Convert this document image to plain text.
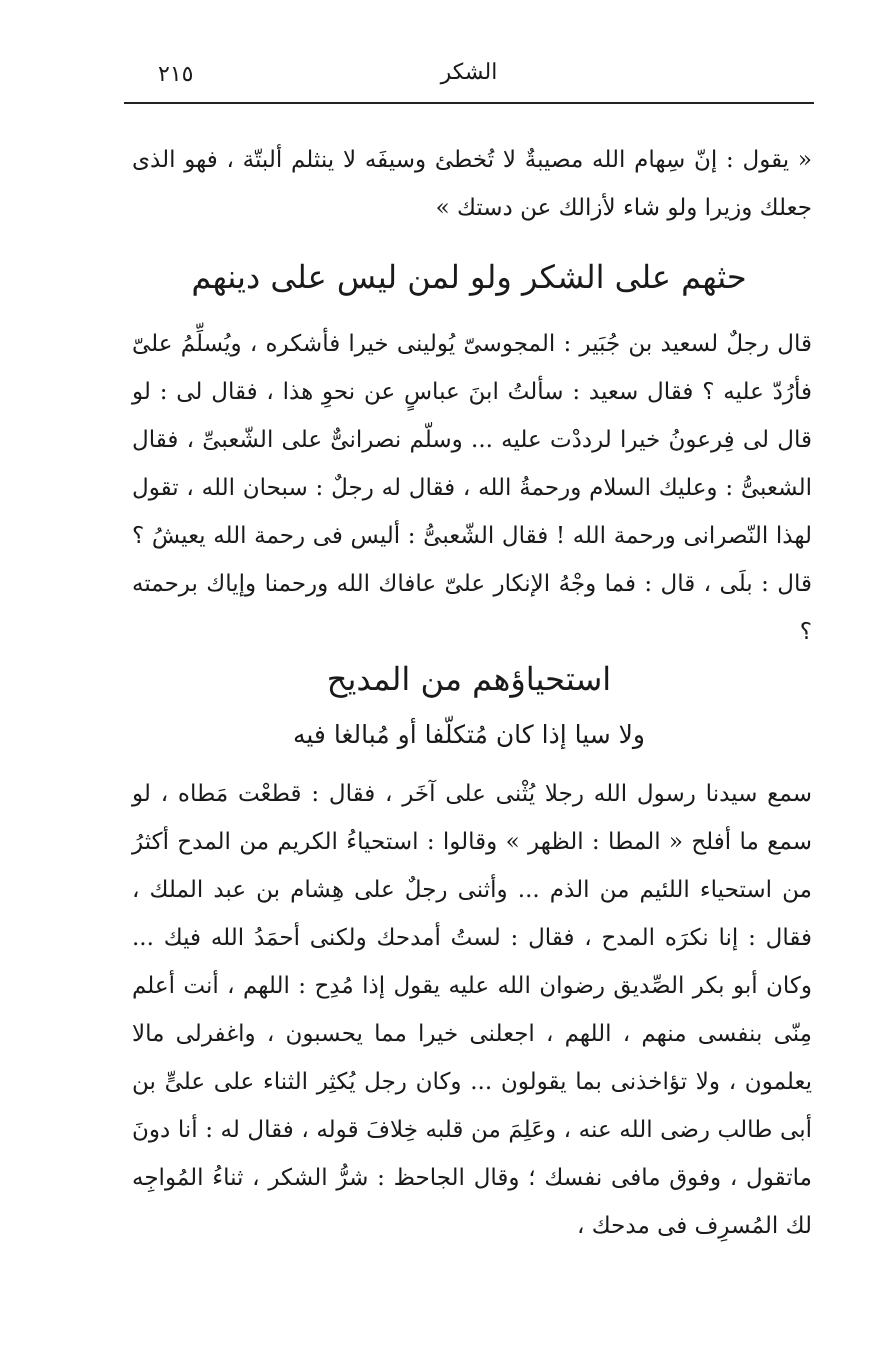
الشكر
٢١٥

« يقول : إنّ سِهام الله مصيبةٌ لا تُخطئ وسيفَه لا ينثلم ألبتّة ، فهو الذى جعلك وزيرا ولو شاء لأزالك عن دستك »

حثهم على الشكر ولو لمن ليس على دينهم

قال رجلٌ لسعيد بن جُبَير : المجوسىّ يُولينى خيرا فأشكره ، ويُسلِّمُ علىّ فأرُدّ عليه ؟ فقال سعيد : سألتُ ابنَ عباسٍ عن نحوِ هذا ، فقال لى : لو قال لى فِرعونُ خيرا لرددْت عليه ... وسلّم نصرانىٌّ على الشّعبىِّ ، فقال الشعبىُّ : وعليك السلام ورحمةُ الله ، فقال له رجلٌ : سبحان الله ، تقول لهذا النّصرانى ورحمة الله ! فقال الشّعبىُّ : أليس فى رحمة الله يعيشُ ؟ قال : بلَى ، قال : فما وجْهُ الإنكار علىّ عافاك الله ورحمنا وإياك برحمته ؟

استحياؤهم من المديح
ولا سيا إذا كان مُتكلّفا أو مُبالغا فيه

سمع سيدنا رسول الله رجلا يُثْنى على آخَر ، فقال : قطعْت مَطاه ، لو سمع ما أفلح « المطا : الظهر » وقالوا : استحياءُ الكريم من المدح أكثرُ من استحياء اللئيم من الذم ... وأثنى رجلٌ على هِشام بن عبد الملك ، فقال : إنا نكرَه المدح ، فقال : لستُ أمدحك ولكنى أحمَدُ الله فيك ... وكان أبو بكر الصِّديق رضوان الله عليه يقول إذا مُدِح : اللهم ، أنت أعلم مِنّى بنفسى منهم ، اللهم ، اجعلنى خيرا مما يحسبون ، واغفرلى مالا يعلمون ، ولا تؤاخذنى بما يقولون ... وكان رجل يُكثِر الثناء على علىٍّ بن أبى طالب رضى الله عنه ، وعَلِمَ من قلبه خِلافَ قوله ، فقال له : أنا دونَ ماتقول ، وفوق مافى نفسك ؛ وقال الجاحظ : شرُّ الشكر ، ثناءُ المُواجِه لك المُسرِف فى مدحك ،
